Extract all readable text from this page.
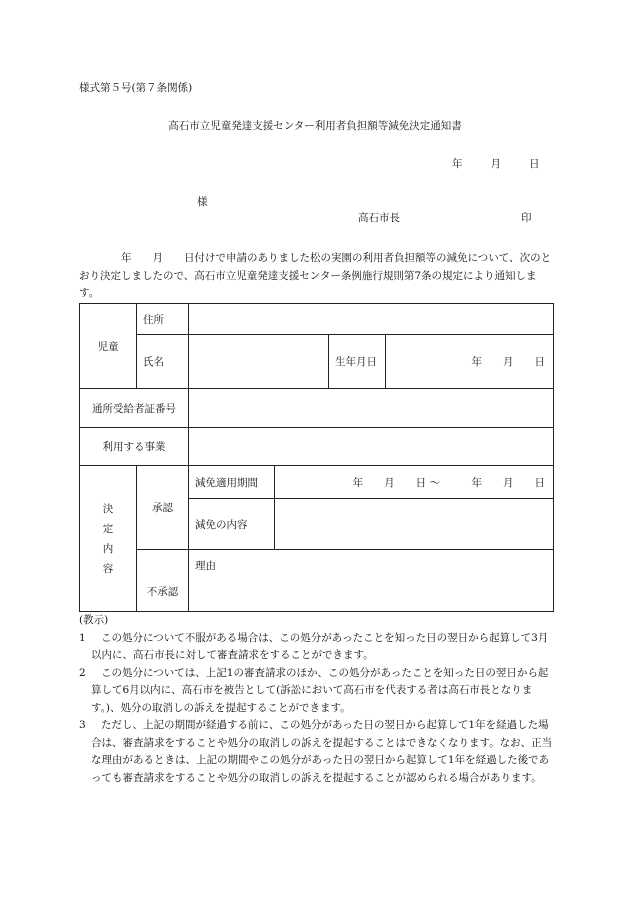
様式第５号(第７条関係)
高石市立児童発達支援センター利用者負担額等減免決定通知書
年	月	日
様
高石市長	印
　　　　年　　月　　日付けで申請のありました松の実園の利用者負担額等の減免について、次のとおり決定しましたので、高石市立児童発達支援センター条例施行規則第7条の規定により通知します。
児童	住所				
	氏名			生年月日	年　　月　　日
通所受給者証番号					
利用する事業					

決
定
内
容	承認	減免適用期間	年　　月　　日 ～　　　年　　月　　日		
		減免の内容			
	不承認	理由			

(教示)

1 この処分について不服がある場合は、この処分があったことを知った日の翌日から起算して3月以内に、高石市長に対して審査請求をすることができます。

2 この処分については、上記1の審査請求のほか、この処分があったことを知った日の翌日から起算して6月以内に、高石市を被告として(訴訟において高石市を代表する者は高石市長となります。)、処分の取消しの訴えを提起することができます。

3 ただし、上記の期間が経過する前に、この処分があった日の翌日から起算して1年を経過した場合は、審査請求をすることや処分の取消しの訴えを提起することはできなくなります。なお、正当な理由があるときは、上記の期間やこの処分があった日の翌日から起算して1年を経過した後であっても審査請求をすることや処分の取消しの訴えを提起することが認められる場合があります。
